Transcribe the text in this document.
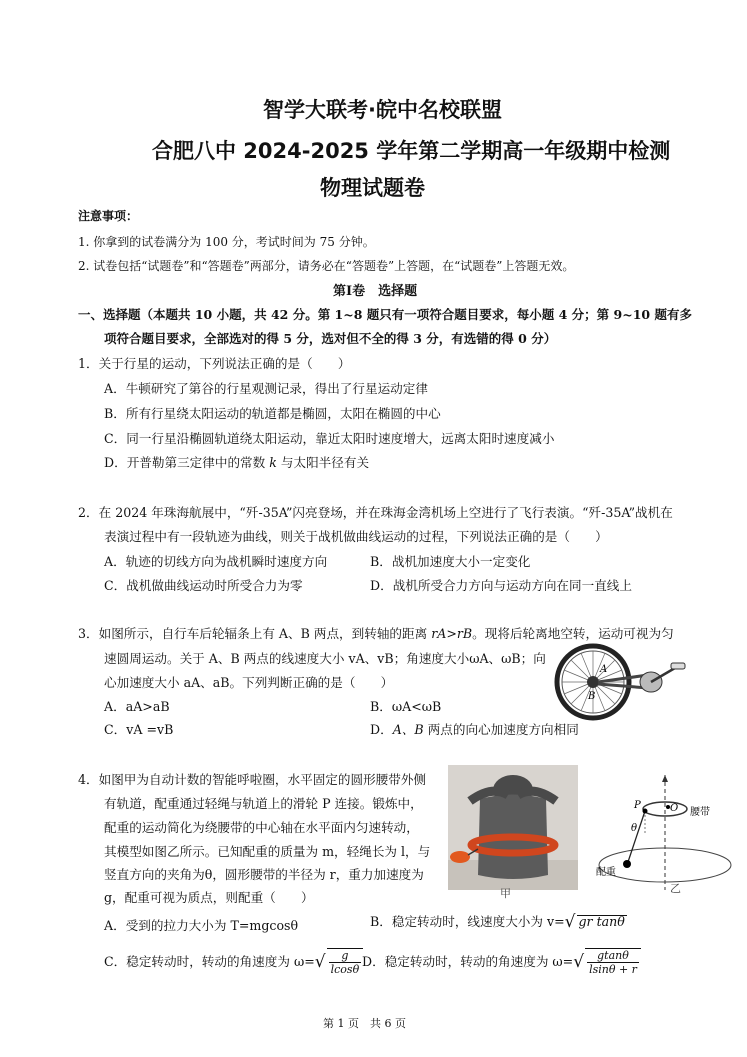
智学大联考·皖中名校联盟
合肥八中 2024-2025 学年第二学期高一年级期中检测
物理试题卷
注意事项：
1. 你拿到的试卷满分为 100 分，考试时间为 75 分钟。
2. 试卷包括“试题卷”和“答题卷”两部分，请务必在“答题卷”上答题，在“试题卷”上答题无效。
第Ⅰ卷　选择题
一、选择题（本题共 10 小题，共 42 分。第 1~8 题只有一项符合题目要求，每小题 4 分；第 9~10 题有多
项符合题目要求，全部选对的得 5 分，选对但不全的得 3 分，有选错的得 0 分）
1．关于行星的运动，下列说法正确的是（　　）
A．牛顿研究了第谷的行星观测记录，得出了行星运动定律
B．所有行星绕太阳运动的轨道都是椭圆，太阳在椭圆的中心
C．同一行星沿椭圆轨道绕太阳运动，靠近太阳时速度增大，远离太阳时速度减小
D．开普勒第三定律中的常数 k 与太阳半径有关
2．在 2024 年珠海航展中，“歼-35A”闪亮登场，并在珠海金湾机场上空进行了飞行表演。“歼-35A”战机在
表演过程中有一段轨迹为曲线，则关于战机做曲线运动的过程，下列说法正确的是（　　）
A．轨迹的切线方向为战机瞬时速度方向	B．战机加速度大小一定变化
C．战机做曲线运动时所受合力为零	D．战机所受合力方向与运动方向在同一直线上
3．如图所示，自行车后轮辐条上有 A、B 两点，到转轴的距离 rA>rB。现将后轮离地空转，运动可视为匀
速圆周运动。关于 A、B 两点的线速度大小 vA、vB；角速度大小ωA、ωB；向
心加速度大小 aA、aB。下列判断正确的是（　　）
A．aA>aB	B．ωA<ωB
C．vA =vB	D．A、B 两点的向心加速度方向相同
A
B
4．如图甲为自动计数的智能呼啦圈，水平固定的圆形腰带外侧
有轨道，配重通过轻绳与轨道上的滑轮 P 连接。锻炼中，
配重的运动简化为绕腰带的中心轴在水平面内匀速转动，
其模型如图乙所示。已知配重的质量为 m，轻绳长为 l，与
竖直方向的夹角为θ，圆形腰带的半径为 r，重力加速度为
g，配重可视为质点，则配重（　　）	甲
P	O
θ
腰带
配重
乙
A．受到的拉力大小为 T=mgcosθ	B．稳定转动时，线速度大小为 v=√ gr tanθ
C．稳定转动时，转动的角速度为 $\omega=√ \frac{g}{lcos\theta}$ D．稳定转动时，转动的角速度为 $\omega=√ \frac{gtan\theta}{lsin\theta + r}$
第 1 页　共 6 页
